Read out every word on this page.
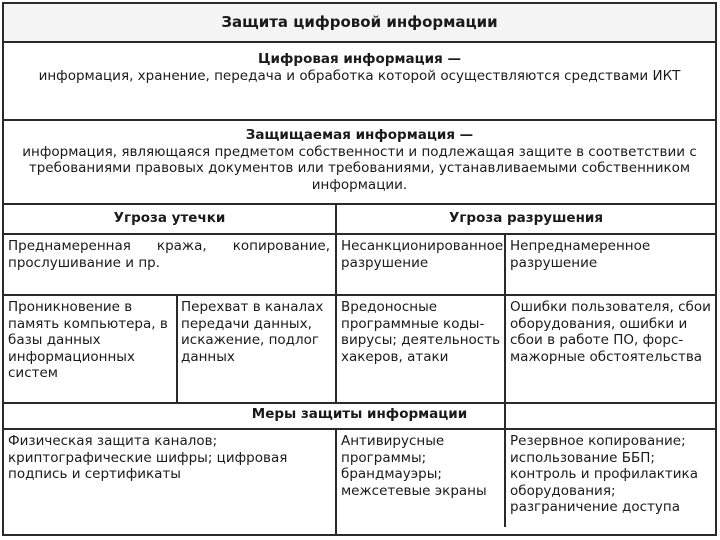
Защита цифровой информации
Цифровая информация —
информация, хранение, передача и обработка которой осуществляются средствами ИКТ
Защищаемая информация —
информация, являющаяся предметом собственности и подлежащая защите в соответствии с требованиями правовых документов или требованиями, устанавливаемыми собственником информации.
Угроза утечки	Угроза разрушения
Преднамеренная кража, копирование, прослушивание и пр.
Несанкционированное разрушение
Непреднамеренное разрушение
Проникновение в память компьютера, в базы данных информационных систем
Перехват в каналах передачи данных, искажение, подлог данных
Вредоносные программные коды-вирусы; деятельность хакеров, атаки
Ошибки пользователя, сбои оборудования, ошибки и сбои в работе ПО, форс-мажорные обстоятельства
Меры защиты информации
Физическая защита каналов; криптографические шифры; цифровая подпись и сертификаты
Антивирусные программы; брандмауэры; межсетевые экраны
Резервное копирование; использование ББП; контроль и профилактика оборудования; разграничение доступа
